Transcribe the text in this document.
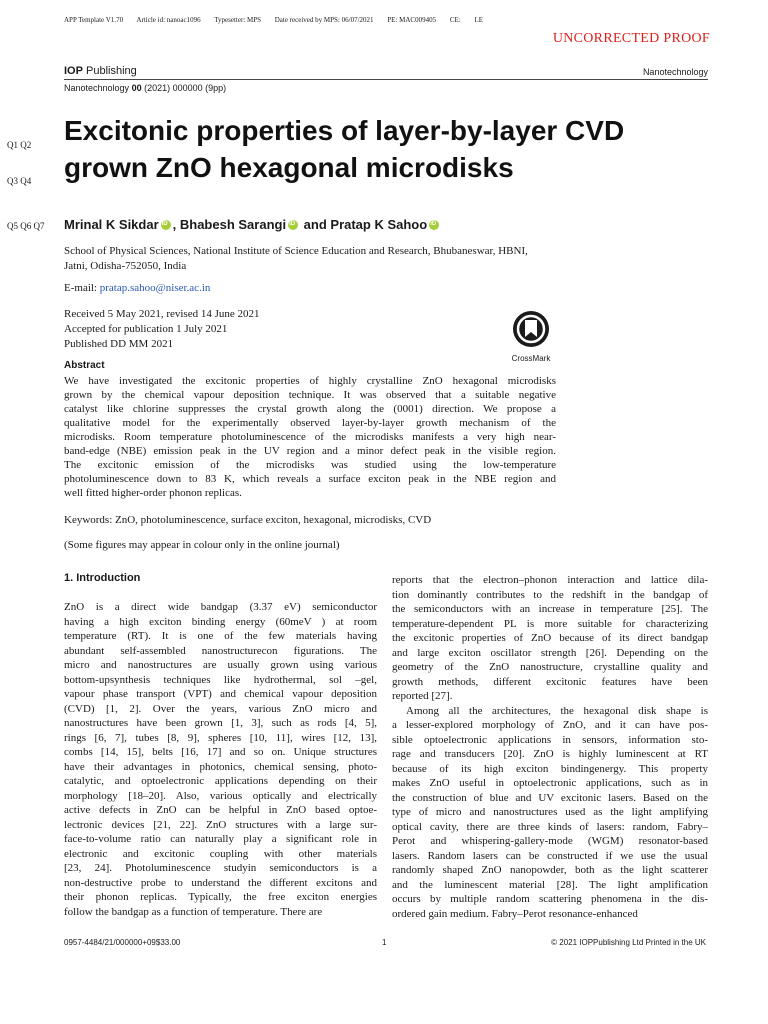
APP Template V1.70 Article id: nanoac1096 Typesetter: MPS Date received by MPS: 06/07/2021 PE: MAC009405 CE: LE
UNCORRECTED PROOF
IOP Publishing	Nanotechnology
Nanotechnology 00 (2021) 000000 (9pp)
Q1 Q2
Q3 Q4
Q5 Q6 Q7
Excitonic properties of layer-by-layer CVD
grown ZnO hexagonal microdisks
Mrinal K SikdariD , Bhabesh SarangiiD and Pratap K SahooiD
School of Physical Sciences, National Institute of Science Education and Research, Bhubaneswar, HBNI,
Jatni, Odisha-752050, India
E-mail: pratap.sahoo@niser.ac.in
Received 5 May 2021, revised 14 June 2021
Accepted for publication 1 July 2021
Published DD MM 2021
CrossMark
Abstract
We have investigated the excitonic properties of highly crystalline ZnO hexagonal microdisks
grown by the chemical vapour deposition technique. It was observed that a suitable negative
catalyst like chlorine suppresses the crystal growth along the (0001) direction. We propose a
qualitative model for the experimentally observed layer-by-layer growth mechanism of the
microdisks. Room temperature photoluminescence of the microdisks manifests a very high near-
band-edge (NBE) emission peak in the UV region and a minor defect peak in the visible region.
The excitonic emission of the microdisks was studied using the low-temperature
photoluminescence down to 83 K, which reveals a surface exciton peak in the NBE region and
well fitted higher-order phonon replicas.
Keywords: ZnO, photoluminescence, surface exciton, hexagonal, microdisks, CVD
(Some figures may appear in colour only in the online journal)
1. Introduction
ZnO is a direct wide bandgap (3.37 eV) semiconductor
having a high exciton binding energy (60meV ) at room
temperature (RT). It is one of the few materials having
abundant self-assembled nanostructurecon figurations. The
micro and nanostructures are usually grown using various
bottom-upsynthesis techniques like hydrothermal, sol –gel,
vapour phase transport (VPT) and chemical vapour deposition
(CVD) [1, 2]. Over the years, various ZnO micro and
nanostructures have been grown [1, 3], such as rods [4, 5],
rings [6, 7], tubes [8, 9], spheres [10, 11], wires [12, 13],
combs [14, 15], belts [16, 17] and so on. Unique structures
have their advantages in photonics, chemical sensing, photo-
catalytic, and optoelectronic applications depending on their
morphology [18–20]. Also, various optically and electrically
active defects in ZnO can be helpful in ZnO based optoe-
lectronic devices [21, 22]. ZnO structures with a large sur-
face-to-volume ratio can naturally play a significant role in
electronic and excitonic coupling with other materials
[23, 24]. Photoluminescence studyin semiconductors is a
non-destructive probe to understand the different excitons and
their phonon replicas. Typically, the free exciton energies
follow the bandgap as a function of temperature. There are
reports that the electron–phonon interaction and lattice dila-
tion dominantly contributes to the redshift in the bandgap of
the semiconductors with an increase in temperature [25]. The
temperature-dependent PL is more suitable for characterizing
the excitonic properties of ZnO because of its direct bandgap
and large exciton oscillator strength [26]. Depending on the
geometry of the ZnO nanostructure, crystalline quality and
growth methods, different excitonic features have been
reported [27].
Among all the architectures, the hexagonal disk shape is
a lesser-explored morphology of ZnO, and it can have pos-
sible optoelectronic applications in sensors, information sto-
rage and transducers [20]. ZnO is highly luminescent at RT
because of its high exciton bindingenergy. This property
makes ZnO useful in optoelectronic applications, such as in
the construction of blue and UV excitonic lasers. Based on the
type of micro and nanostructures used as the light amplifying
optical cavity, there are three kinds of lasers: random, Fabry–
Perot and whispering-gallery-mode (WGM) resonator-based
lasers. Random lasers can be constructed if we use the usual
randomly shaped ZnO nanopowder, both as the light scatterer
and the luminescent material [28]. The light amplification
occurs by multiple random scattering phenomena in the dis-
ordered gain medium. Fabry–Perot resonance-enhanced
0957-4484/21/000000+09$33.00	1	© 2021 IOPPublishing Ltd Printed in the UK
